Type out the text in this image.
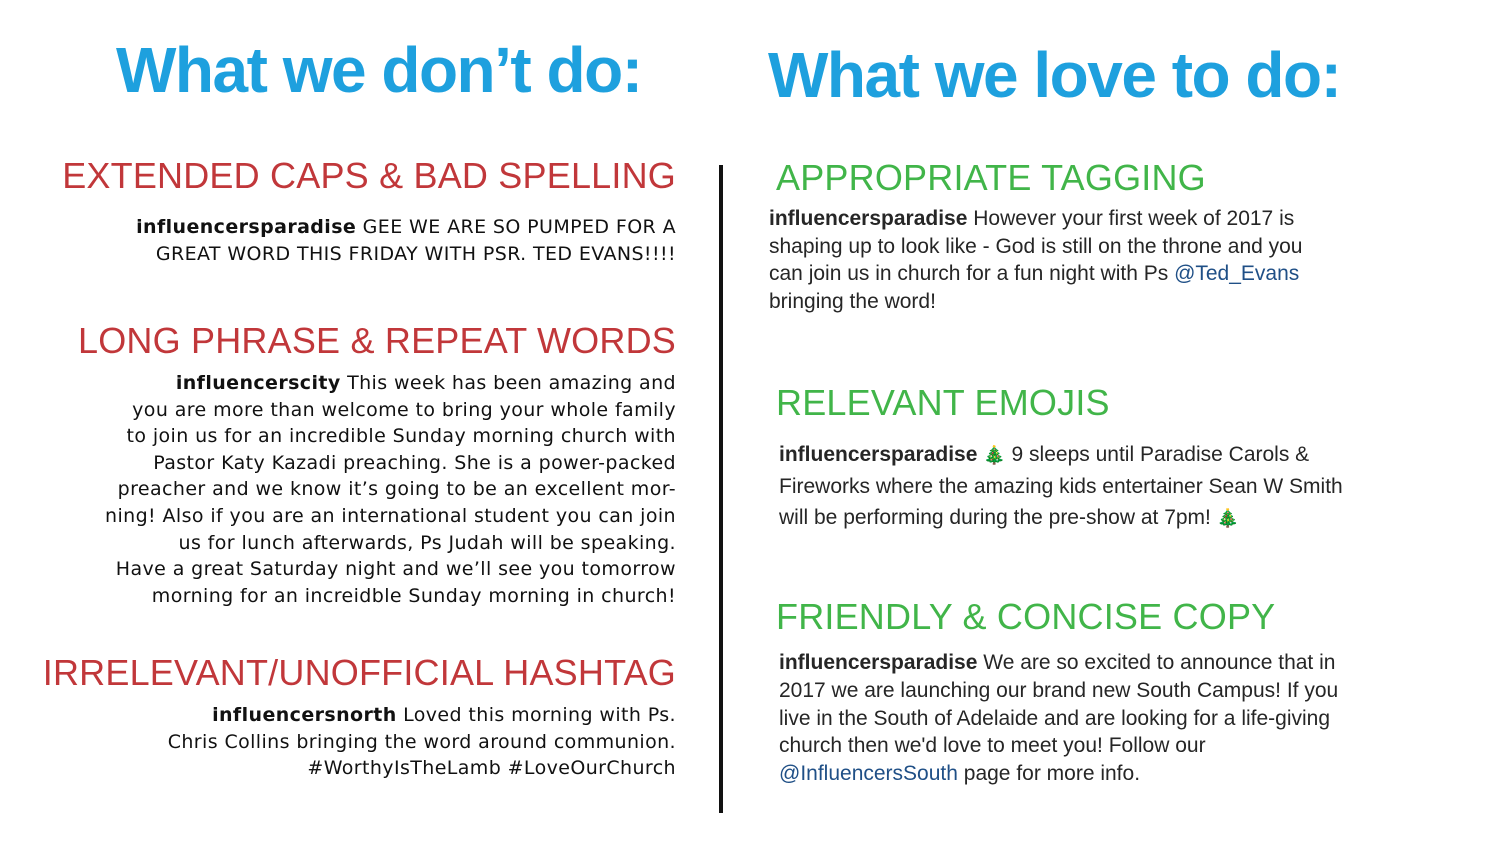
What we don’t do: What we love to do:
EXTENDED CAPS & BAD SPELLING

influencersparadise GEE WE ARE SO PUMPED FOR A
GREAT WORD THIS FRIDAY WITH PSR. TED EVANS!!!!

LONG PHRASE & REPEAT WORDS

influencerscity This week has been amazing and
you are more than welcome to bring your whole family
to join us for an incredible Sunday morning church with
Pastor Katy Kazadi preaching. She is a power-packed
preacher and we know it’s going to be an excellent mor-
ning! Also if you are an international student you can join
us for lunch afterwards, Ps Judah will be speaking.
Have a great Saturday night and we’ll see you tomorrow
morning for an increidble Sunday morning in church!

IRRELEVANT/UNOFFICIAL HASHTAG

influencersnorth Loved this morning with Ps.
Chris Collins bringing the word around communion.
#WorthyIsTheLamb #LoveOurChurch

APPROPRIATE TAGGING

influencersparadise However your first week of 2017 is
shaping up to look like - God is still on the throne and you
can join us in church for a fun night with Ps @Ted_Evans
bringing the word!

RELEVANT EMOJIS

influencersparadise 🎄 9 sleeps until Paradise Carols &
Fireworks where the amazing kids entertainer Sean W Smith
will be performing during the pre-show at 7pm! 🎄

FRIENDLY & CONCISE COPY

influencersparadise We are so excited to announce that in
2017 we are launching our brand new South Campus! If you
live in the South of Adelaide and are looking for a life-giving
church then we'd love to meet you! Follow our
@InfluencersSouth page for more info.
